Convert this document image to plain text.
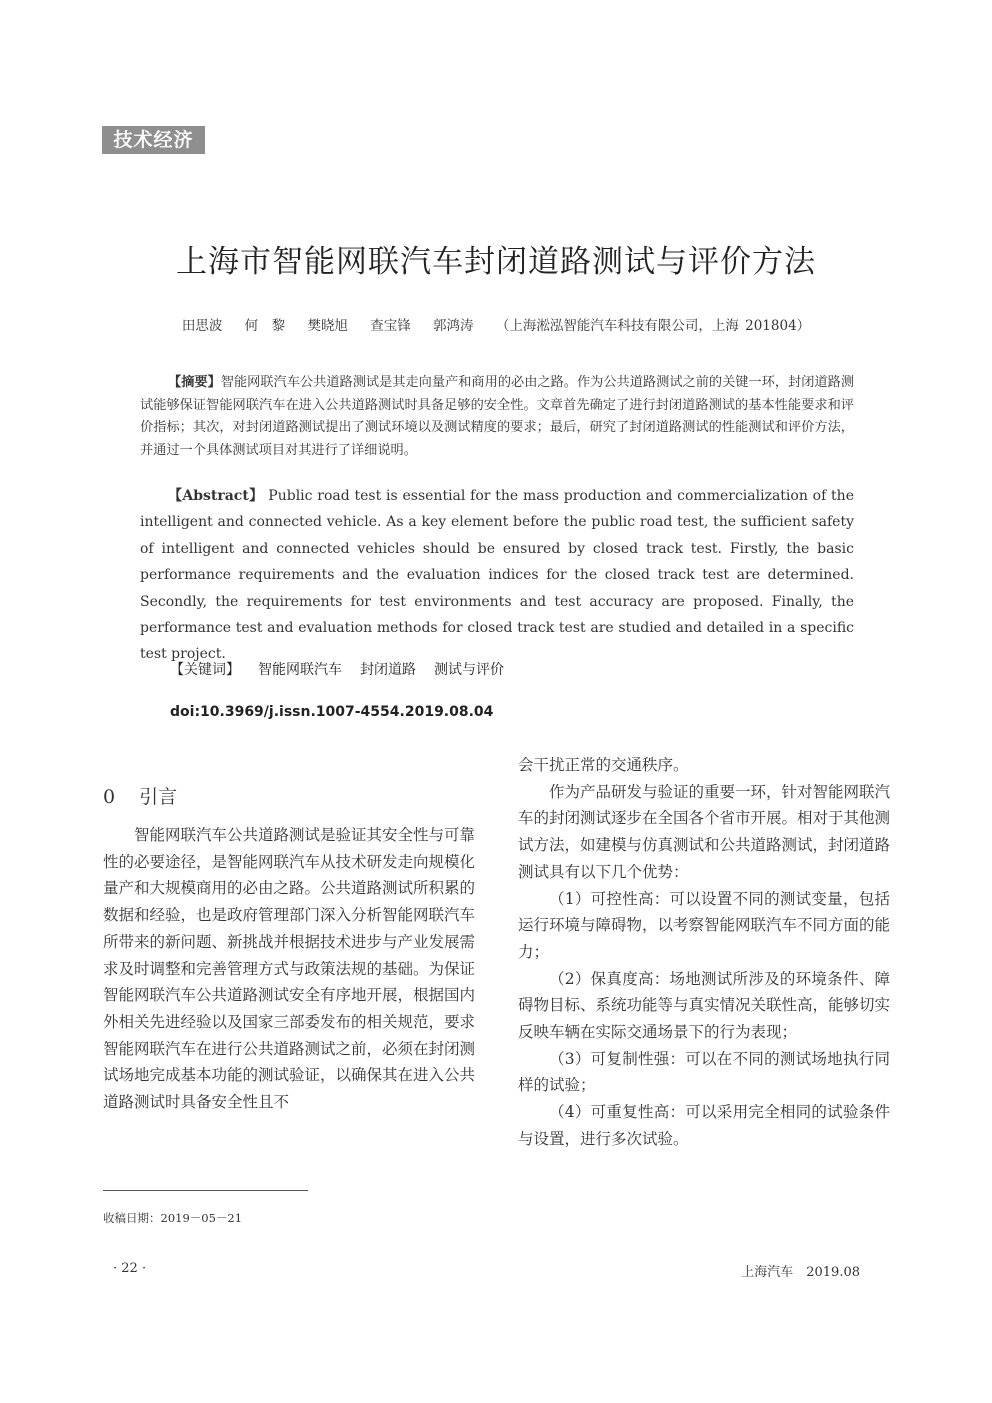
技术经济
上海市智能网联汽车封闭道路测试与评价方法
田思波 何　黎 樊晓旭 查宝锋 郭鸿涛 （上海淞泓智能汽车科技有限公司，上海 201804）
【摘要】智能网联汽车公共道路测试是其走向量产和商用的必由之路。作为公共道路测试之前的关键一环，封闭道路测试能够保证智能网联汽车在进入公共道路测试时具备足够的安全性。文章首先确定了进行封闭道路测试的基本性能要求和评价指标；其次，对封闭道路测试提出了测试环境以及测试精度的要求；最后，研究了封闭道路测试的性能测试和评价方法，并通过一个具体测试项目对其进行了详细说明。
【Abstract】 Public road test is essential for the mass production and commercialization of the intelligent and connected vehicle. As a key element before the public road test, the sufficient safety of intelligent and connected vehicles should be ensured by closed track test. Firstly, the basic performance requirements and the evaluation indices for the closed track test are determined. Secondly, the requirements for test environments and test accuracy are proposed. Finally, the performance test and evaluation methods for closed track test are studied and detailed in a specific test project.
【关键词】 智能网联汽车 封闭道路 测试与评价
doi:10.3969/j.issn.1007-4554.2019.08.04
0 引言

智能网联汽车公共道路测试是验证其安全性与可靠性的必要途径，是智能网联汽车从技术研发走向规模化量产和大规模商用的必由之路。公共道路测试所积累的数据和经验，也是政府管理部门深入分析智能网联汽车所带来的新问题、新挑战并根据技术进步与产业发展需求及时调整和完善管理方式与政策法规的基础。为保证智能网联汽车公共道路测试安全有序地开展，根据国内外相关先进经验以及国家三部委发布的相关规范，要求智能网联汽车在进行公共道路测试之前，必须在封闭测试场地完成基本功能的测试验证，以确保其在进入公共道路测试时具备安全性且不

会干扰正常的交通秩序。

作为产品研发与验证的重要一环，针对智能网联汽车的封闭测试逐步在全国各个省市开展。相对于其他测试方法，如建模与仿真测试和公共道路测试，封闭道路测试具有以下几个优势：

（1）可控性高：可以设置不同的测试变量，包括运行环境与障碍物，以考察智能网联汽车不同方面的能力；

（2）保真度高：场地测试所涉及的环境条件、障碍物目标、系统功能等与真实情况关联性高，能够切实反映车辆在实际交通场景下的行为表现；

（3）可复制性强：可以在不同的测试场地执行同样的试验；

（4）可重复性高：可以采用完全相同的试验条件与设置，进行多次试验。

收稿日期：2019－05－21
· 22 ·	上海汽车　2019.08
